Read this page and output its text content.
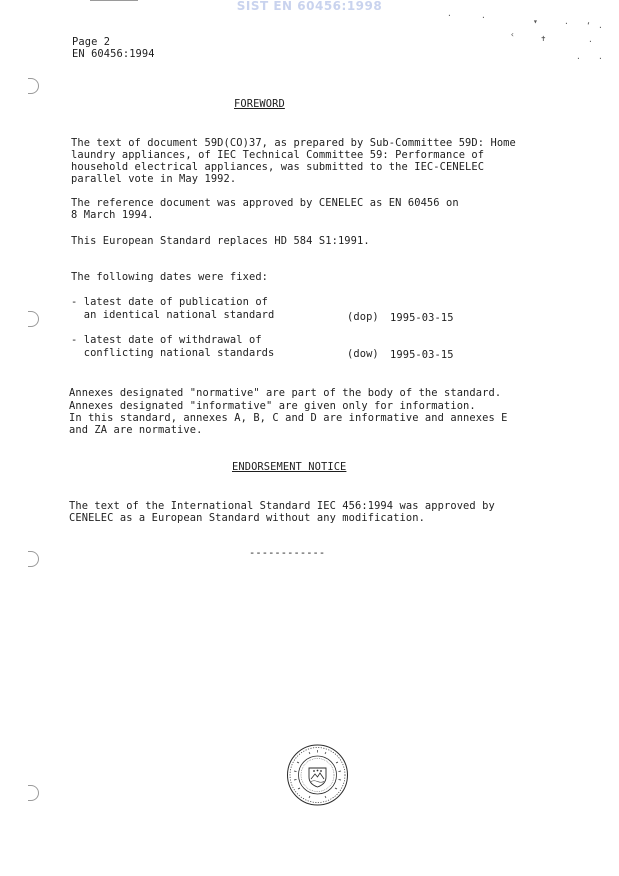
SIST EN 60456:1998
·	·	▾	· ‘ ·
‹	✝	·
· ·
Page 2
EN 60456:1994
FOREWORD
The text of document 59D(CO)37, as prepared by Sub-Committee 59D: Home
laundry appliances, of IEC Technical Committee 59: Performance of
household electrical appliances, was submitted to the IEC-CENELEC
parallel vote in May 1992.
The reference document was approved by CENELEC as EN 60456 on
8 March 1994.
This European Standard replaces HD 584 S1:1991.
The following dates were fixed:
- latest date of publication of
an identical national standard	(dop) 1995-03-15
- latest date of withdrawal of
conflicting national standards	(dow) 1995-03-15
Annexes designated "normative" are part of the body of the standard.
Annexes designated "informative" are given only for information.
In this standard, annexes A, B, C and D are informative and annexes E
and ZA are normative.
ENDORSEMENT NOTICE
The text of the International Standard IEC 456:1994 was approved by
CENELEC as a European Standard without any modification.
------------
